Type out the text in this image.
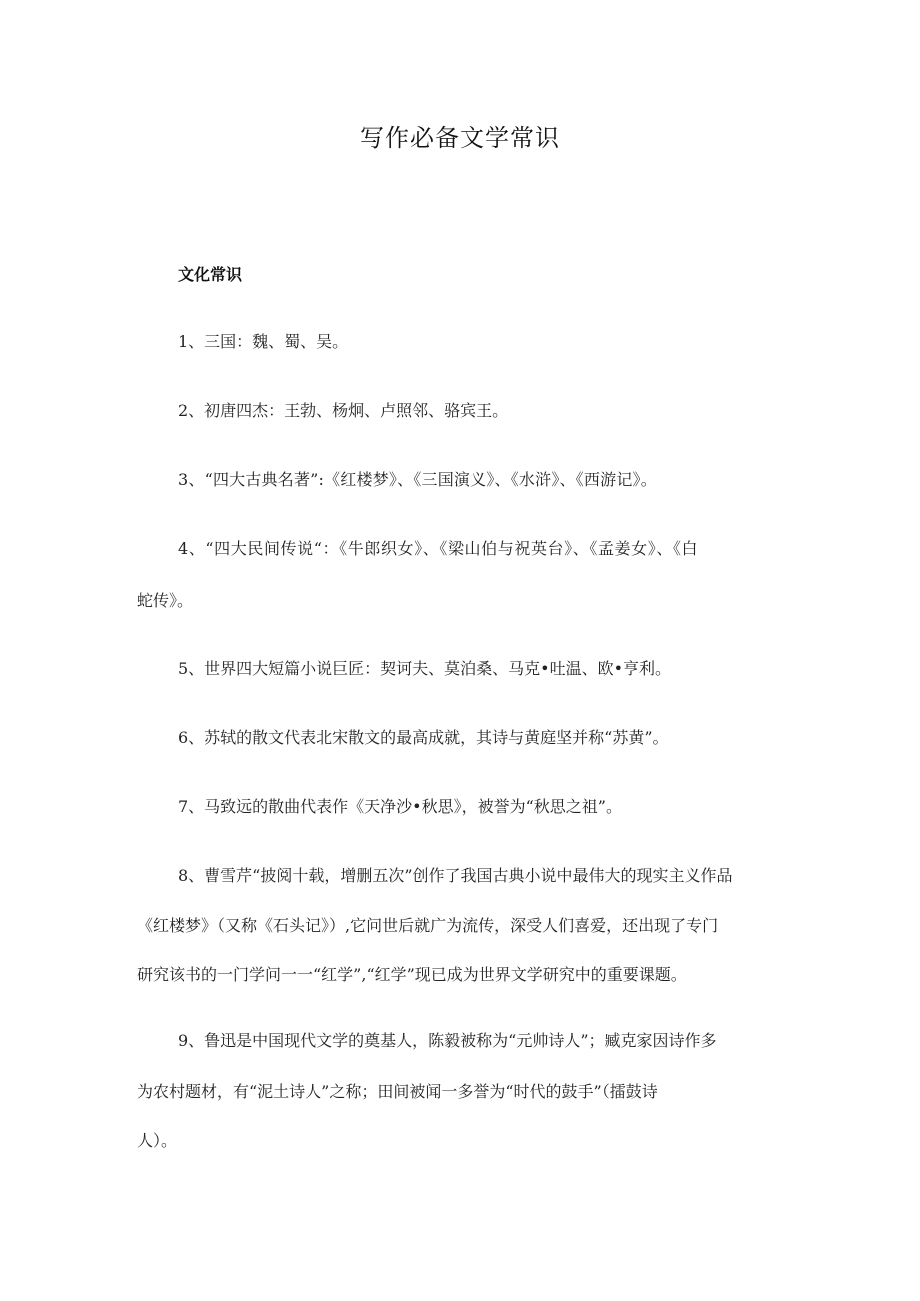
写作必备文学常识
文化常识
1、三国：魏、蜀、吴。
2、初唐四杰：王勃、杨炯、卢照邻、骆宾王。
3、“四大古典名著”:《红楼梦》、《三国演义》、《水浒》、《西游记》。
4、“四大民间传说“：《牛郎织女》、《梁山伯与祝英台》、《孟姜女》、《白
蛇传》。
5、世界四大短篇小说巨匠：契诃夫、莫泊桑、马克•吐温、欧•亨利。
6、苏轼的散文代表北宋散文的最高成就，其诗与黄庭坚并称“苏黄”。
7、马致远的散曲代表作《天净沙•秋思》，被誉为“秋思之祖”。
8、曹雪芹“披阅十载，增删五次”创作了我国古典小说中最伟大的现实主义作品
《红楼梦》（又称《石头记》）,它问世后就广为流传，深受人们喜爱，还出现了专门
研究该书的一门学问一一“红学”,“红学”现已成为世界文学研究中的重要课题。
9、鲁迅是中国现代文学的奠基人，陈毅被称为“元帅诗人”；臧克家因诗作多
为农村题材，有“泥土诗人”之称；田间被闻一多誉为“时代的鼓手”（擂鼓诗
人）。
